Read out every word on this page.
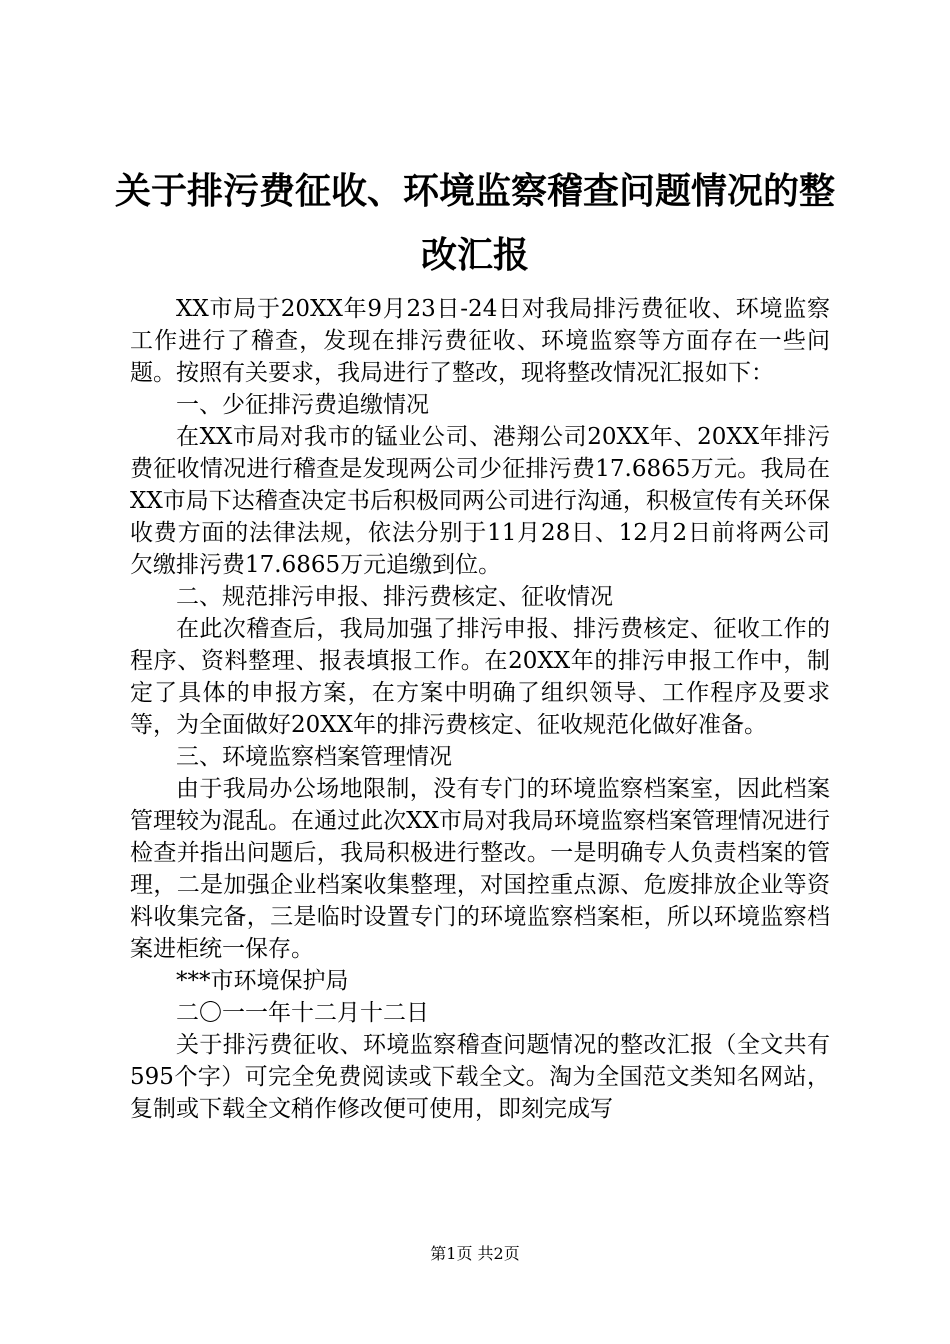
关于排污费征收、环境监察稽查问题情况的整
改汇报

XX市局于20XX年9月23日-24日对我局排污费征收、环境监察工作进行了稽查，发现在排污费征收、环境监察等方面存在一些问题。按照有关要求，我局进行了整改，现将整改情况汇报如下：

一、少征排污费追缴情况

在XX市局对我市的锰业公司、港翔公司20XX年、20XX年排污费征收情况进行稽查是发现两公司少征排污费17.6865万元。我局在XX市局下达稽查决定书后积极同两公司进行沟通，积极宣传有关环保收费方面的法律法规，依法分别于11月28日、12月2日前将两公司欠缴排污费17.6865万元追缴到位。

二、规范排污申报、排污费核定、征收情况

在此次稽查后，我局加强了排污申报、排污费核定、征收工作的程序、资料整理、报表填报工作。在20XX年的排污申报工作中，制定了具体的申报方案，在方案中明确了组织领导、工作程序及要求等，为全面做好20XX年的排污费核定、征收规范化做好准备。

三、环境监察档案管理情况

由于我局办公场地限制，没有专门的环境监察档案室，因此档案管理较为混乱。在通过此次XX市局对我局环境监察档案管理情况进行检查并指出问题后，我局积极进行整改。一是明确专人负责档案的管理，二是加强企业档案收集整理，对国控重点源、危废排放企业等资料收集完备，三是临时设置专门的环境监察档案柜，所以环境监察档案进柜统一保存。

***市环境保护局

二〇一一年十二月十二日

关于排污费征收、环境监察稽查问题情况的整改汇报（全文共有595个字）可完全免费阅读或下载全文。淘为全国范文类知名网站，复制或下载全文稍作修改便可使用，即刻完成写

第1页 共2页
